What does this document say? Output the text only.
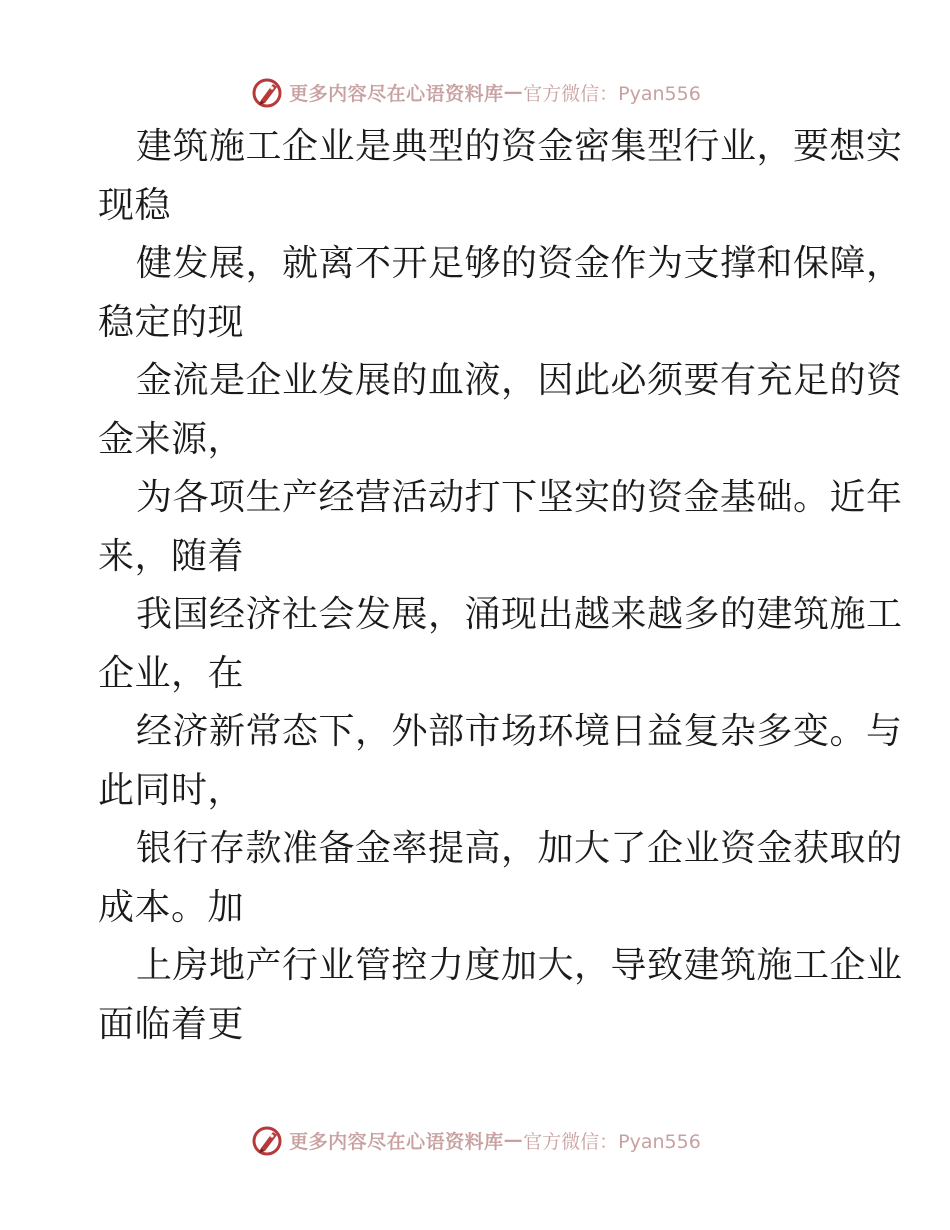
更多内容尽在心语资料库 — 官方微信：Pyan556
建筑施工企业是典型的资金密集型行业，要想实
现稳
健发展，就离不开足够的资金作为支撑和保障，
稳定的现
金流是企业发展的血液，因此必须要有充足的资
金来源，
为各项生产经营活动打下坚实的资金基础。近年
来，随着
我国经济社会发展，涌现出越来越多的建筑施工
企业，在
经济新常态下，外部市场环境日益复杂多变。与
此同时，
银行存款准备金率提高，加大了企业资金获取的
成本。加
上房地产行业管控力度加大，导致建筑施工企业
面临着更
更多内容尽在心语资料库 — 官方微信：Pyan556
